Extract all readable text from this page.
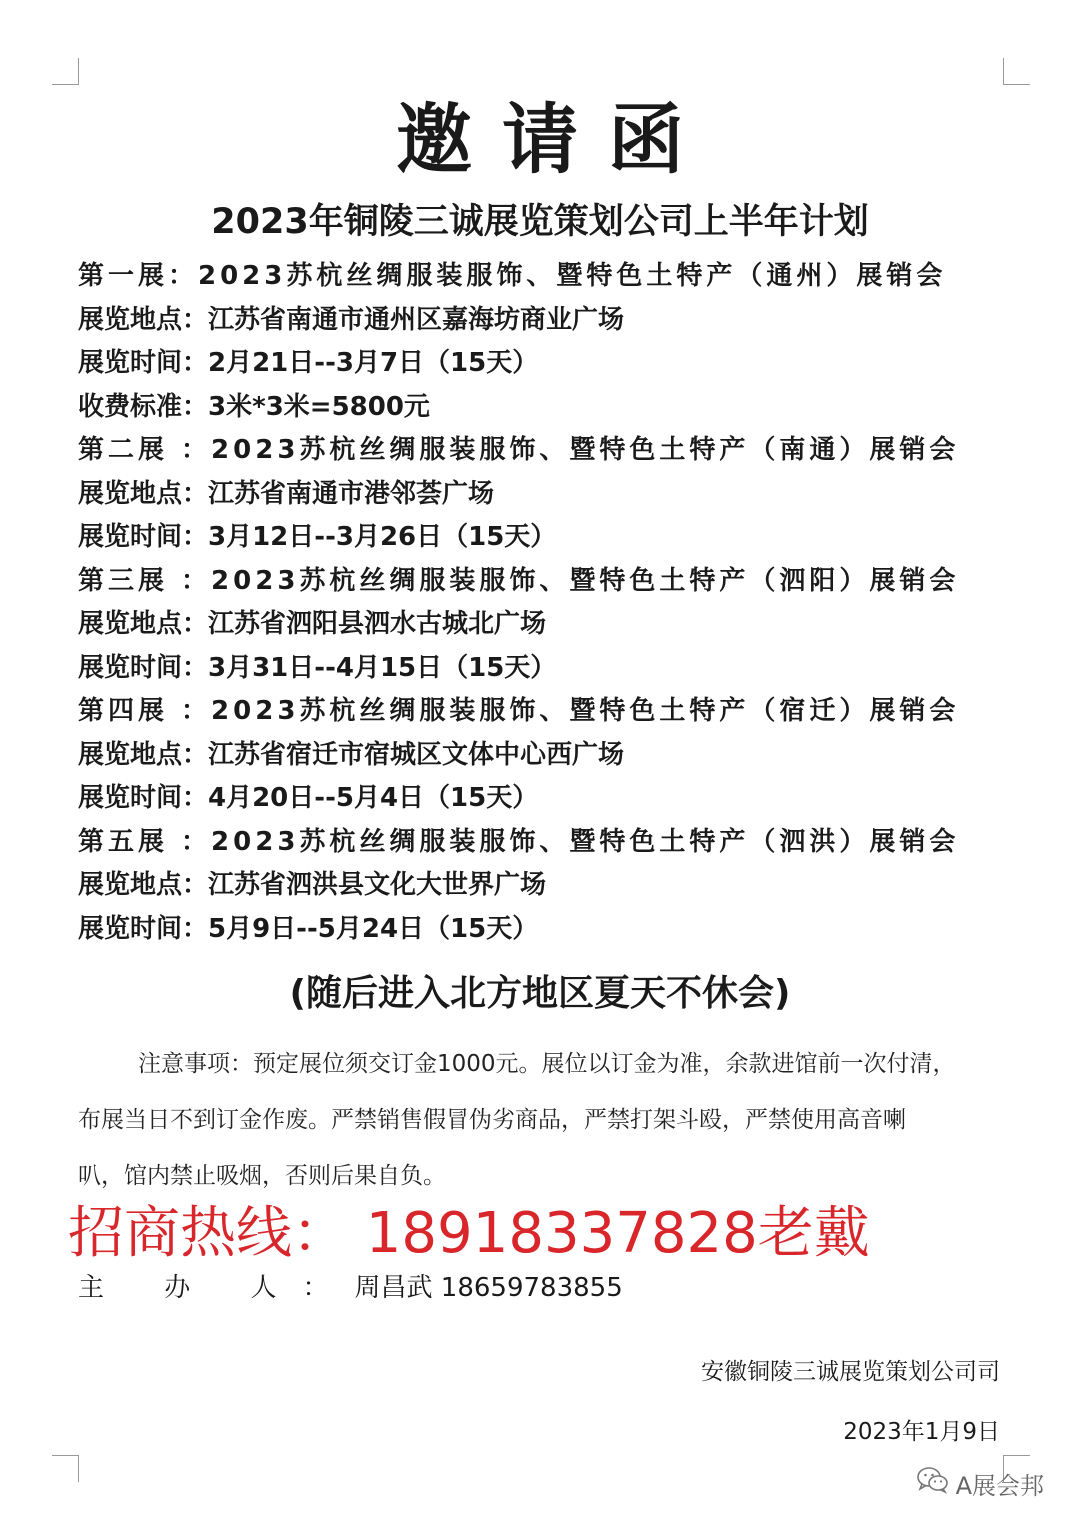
邀请函
2023年铜陵三诚展览策划公司上半年计划
第一展：2023苏杭丝绸服装服饰、暨特色土特产（通州）展销会
展览地点：江苏省南通市通州区嘉海坊商业广场
展览时间：2月21日--3月7日（15天）
收费标准：3米*3米=5800元
第二展 ：2023苏杭丝绸服装服饰、暨特色土特产（南通）展销会
展览地点：江苏省南通市港邻荟广场
展览时间：3月12日--3月26日（15天）
第三展 ：2023苏杭丝绸服装服饰、暨特色土特产（泗阳）展销会
展览地点：江苏省泗阳县泗水古城北广场
展览时间：3月31日--4月15日（15天）
第四展 ：2023苏杭丝绸服装服饰、暨特色土特产（宿迁）展销会
展览地点：江苏省宿迁市宿城区文体中心西广场
展览时间：4月20日--5月4日（15天）
第五展 ：2023苏杭丝绸服装服饰、暨特色土特产（泗洪）展销会
展览地点：江苏省泗洪县文化大世界广场
展览时间：5月9日--5月24日（15天）
(随后进入北方地区夏天不休会)

注意事项：预定展位须交订金1000元。展位以订金为准，余款进馆前一次付清，

布展当日不到订金作废。严禁销售假冒伪劣商品，严禁打架斗殴，严禁使用高音喇

叭，馆内禁止吸烟，否则后果自负。

招商热线： 18918337828老戴
主 办 人：周昌武 18659783855
安徽铜陵三诚展览策划公司司
2023年1月9日
A展会邦
